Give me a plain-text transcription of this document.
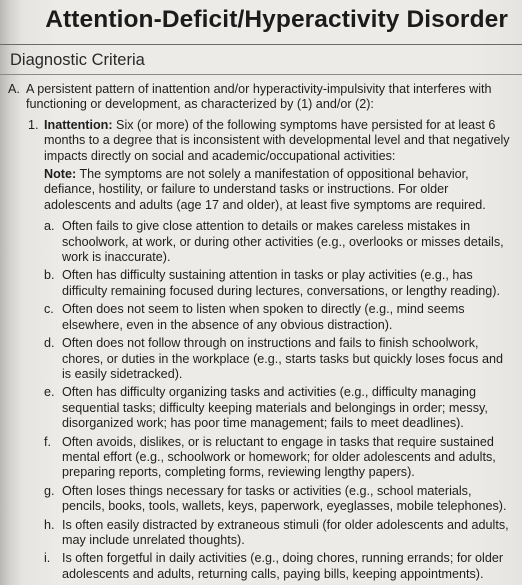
Attention-Deficit/Hyperactivity Disorder
Diagnostic Criteria
A. A persistent pattern of inattention and/or hyperactivity-impulsivity that interferes with functioning or development, as characterized by (1) and/or (2):
1. Inattention: Six (or more) of the following symptoms have persisted for at least 6 months to a degree that is inconsistent with developmental level and that negatively impacts directly on social and academic/occupational activities:
Note: The symptoms are not solely a manifestation of oppositional behavior, defiance, hostility, or failure to understand tasks or instructions. For older adolescents and adults (age 17 and older), at least five symptoms are required.
a. Often fails to give close attention to details or makes careless mistakes in schoolwork, at work, or during other activities (e.g., overlooks or misses details, work is inaccurate).
b. Often has difficulty sustaining attention in tasks or play activities (e.g., has difficulty remaining focused during lectures, conversations, or lengthy reading).
c. Often does not seem to listen when spoken to directly (e.g., mind seems elsewhere, even in the absence of any obvious distraction).
d. Often does not follow through on instructions and fails to finish schoolwork, chores, or duties in the workplace (e.g., starts tasks but quickly loses focus and is easily sidetracked).
e. Often has difficulty organizing tasks and activities (e.g., difficulty managing sequential tasks; difficulty keeping materials and belongings in order; messy, disorganized work; has poor time management; fails to meet deadlines).
f. Often avoids, dislikes, or is reluctant to engage in tasks that require sustained mental effort (e.g., schoolwork or homework; for older adolescents and adults, preparing reports, completing forms, reviewing lengthy papers).
g. Often loses things necessary for tasks or activities (e.g., school materials, pencils, books, tools, wallets, keys, paperwork, eyeglasses, mobile telephones).
h. Is often easily distracted by extraneous stimuli (for older adolescents and adults, may include unrelated thoughts).
i. Is often forgetful in daily activities (e.g., doing chores, running errands; for older adolescents and adults, returning calls, paying bills, keeping appointments).
